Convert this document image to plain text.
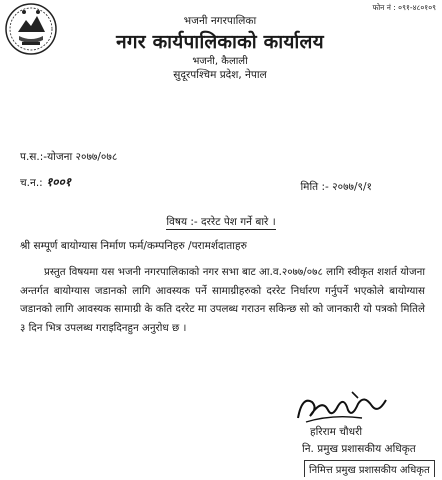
फोन नं : ०९१-४८०१०९
भजनी नगरपालिका
नगर कार्यपालिकाको कार्यालय
भजनी, कैलाली
सुदूरपश्चिम प्रदेश, नेपाल
प.स.:-योजना २०७७/०७८
च.न.: १००१	मिति :- २०७७/९/१
विषय :- दररेट पेश गर्ने बारे ।
श्री सम्पूर्ण बायोग्यास निर्माण फर्म/कम्पनिहरु /परामर्शदाताहरु
प्रस्तुत विषयमा यस भजनी नगरपालिकाको नगर सभा बाट आ.व.२०७७/०७८ लागि स्वीकृत शशर्त योजना अन्तर्गत बायोग्यास जडानको लागि आवस्यक पर्ने सामाग्रीहरुको दररेट निर्धारण गर्नुपर्ने भएकोले बायोग्यास जडानको लागि आवस्यक सामाग्री के कति दररेट मा उपलब्ध गराउन सकिन्छ सो को जानकारी यो पत्रको मितिले ३ दिन भित्र उपलब्ध गराइदिनहुन अनुरोध छ ।
हरिराम चौधरी
नि. प्रमुख प्रशासकीय अधिकृत
निमित्त प्रमुख प्रशासकीय अधिकृत
